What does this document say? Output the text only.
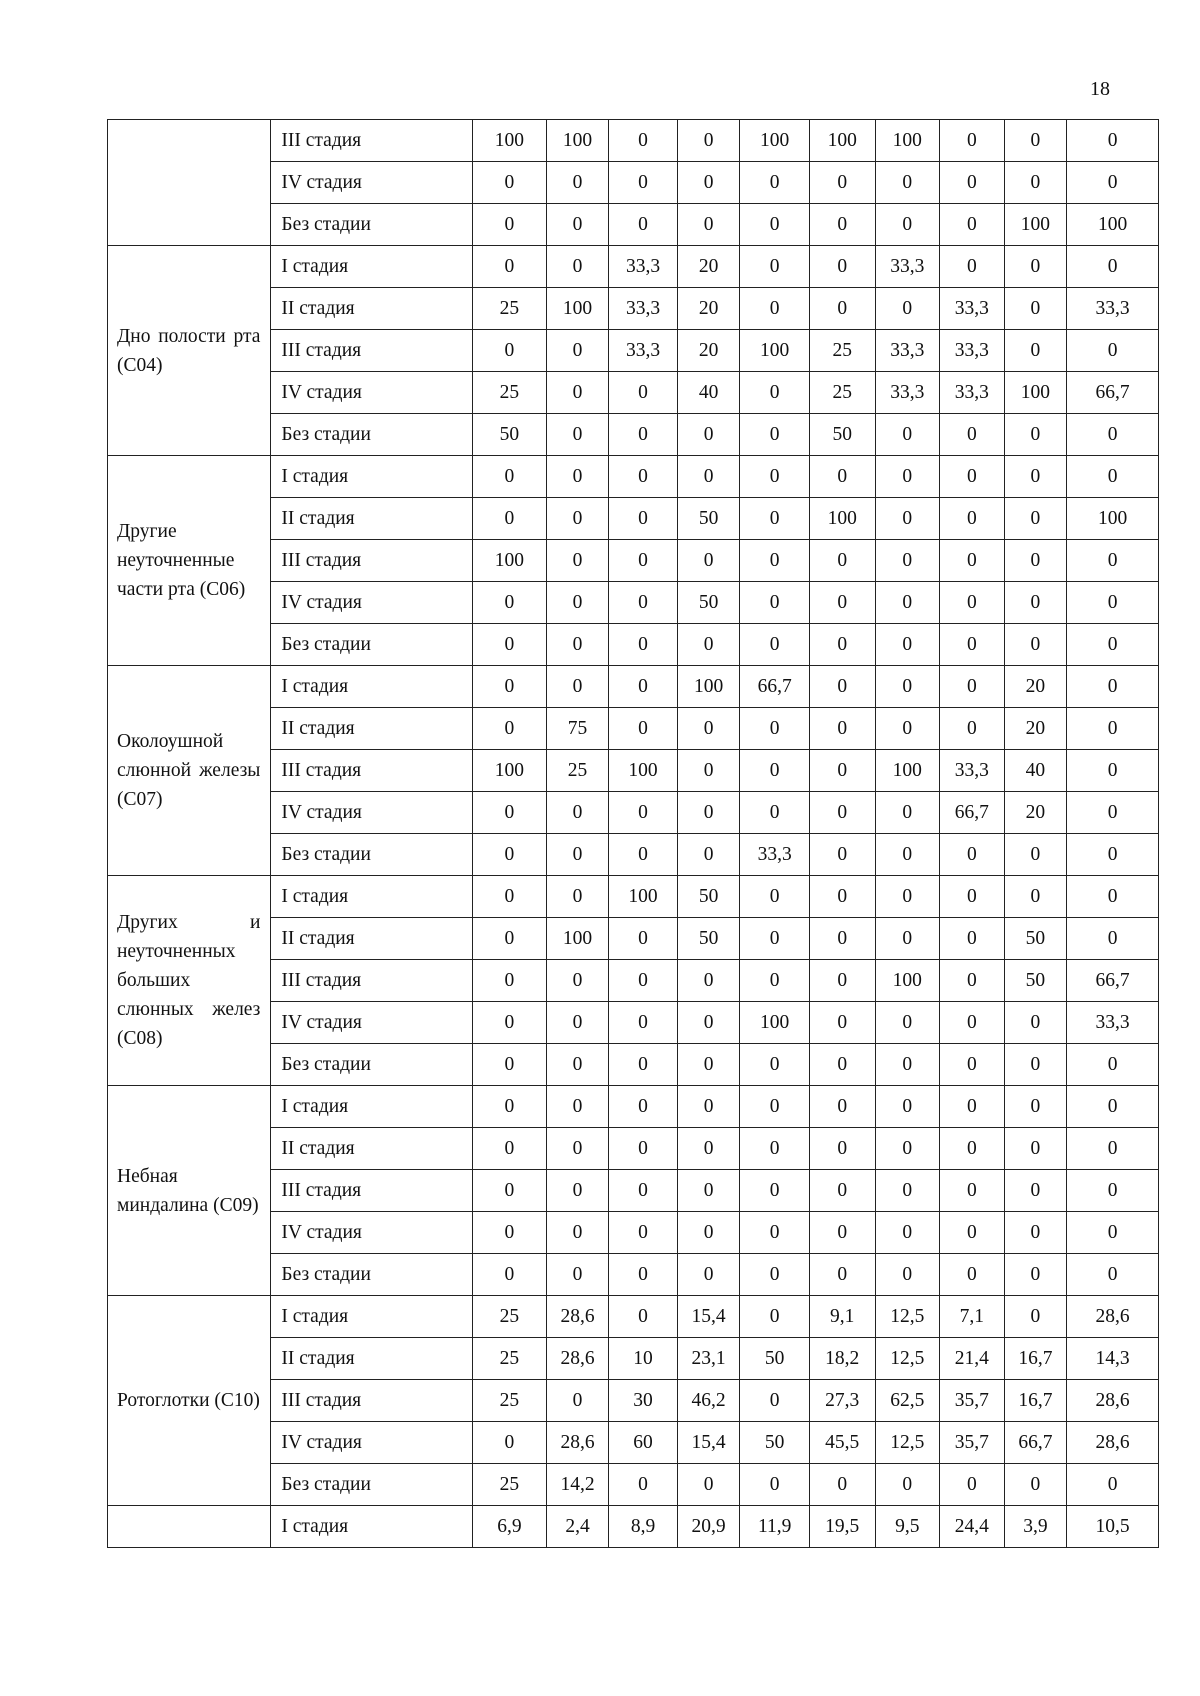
18
	III стадия	100	100	0	0	100	100	100	0	0	0
	IV стадия	0	0	0	0	0	0	0	0	0	0
	Без стадии	0	0	0	0	0	0	0	0	100	100
Дно полости рта (С04)	I стадия	0	0	33,3	20	0	0	33,3	0	0	0
	II стадия	25	100	33,3	20	0	0	0	33,3	0	33,3
	III стадия	0	0	33,3	20	100	25	33,3	33,3	0	0
	IV стадия	25	0	0	40	0	25	33,3	33,3	100	66,7
	Без стадии	50	0	0	0	0	50	0	0	0	0
Другие неуточненные части рта (С06)	I стадия	0	0	0	0	0	0	0	0	0	0
	II стадия	0	0	0	50	0	100	0	0	0	100
	III стадия	100	0	0	0	0	0	0	0	0	0
	IV стадия	0	0	0	50	0	0	0	0	0	0
	Без стадии	0	0	0	0	0	0	0	0	0	0
Околоушной слюнной железы (С07)	I стадия	0	0	0	100	66,7	0	0	0	20	0
	II стадия	0	75	0	0	0	0	0	0	20	0
	III стадия	100	25	100	0	0	0	100	33,3	40	0
	IV стадия	0	0	0	0	0	0	0	66,7	20	0
	Без стадии	0	0	0	0	33,3	0	0	0	0	0
Других и неуточненных больших слюнных желез (С08)	I стадия	0	0	100	50	0	0	0	0	0	0
	II стадия	0	100	0	50	0	0	0	0	50	0
	III стадия	0	0	0	0	0	0	100	0	50	66,7
	IV стадия	0	0	0	0	100	0	0	0	0	33,3
	Без стадии	0	0	0	0	0	0	0	0	0	0
Небная миндалина (С09)	I стадия	0	0	0	0	0	0	0	0	0	0
	II стадия	0	0	0	0	0	0	0	0	0	0
	III стадия	0	0	0	0	0	0	0	0	0	0
	IV стадия	0	0	0	0	0	0	0	0	0	0
	Без стадии	0	0	0	0	0	0	0	0	0	0
Ротоглотки (С10)	I стадия	25	28,6	0	15,4	0	9,1	12,5	7,1	0	28,6
	II стадия	25	28,6	10	23,1	50	18,2	12,5	21,4	16,7	14,3
	III стадия	25	0	30	46,2	0	27,3	62,5	35,7	16,7	28,6
	IV стадия	0	28,6	60	15,4	50	45,5	12,5	35,7	66,7	28,6
	Без стадии	25	14,2	0	0	0	0	0	0	0	0
	I стадия	6,9	2,4	8,9	20,9	11,9	19,5	9,5	24,4	3,9	10,5
